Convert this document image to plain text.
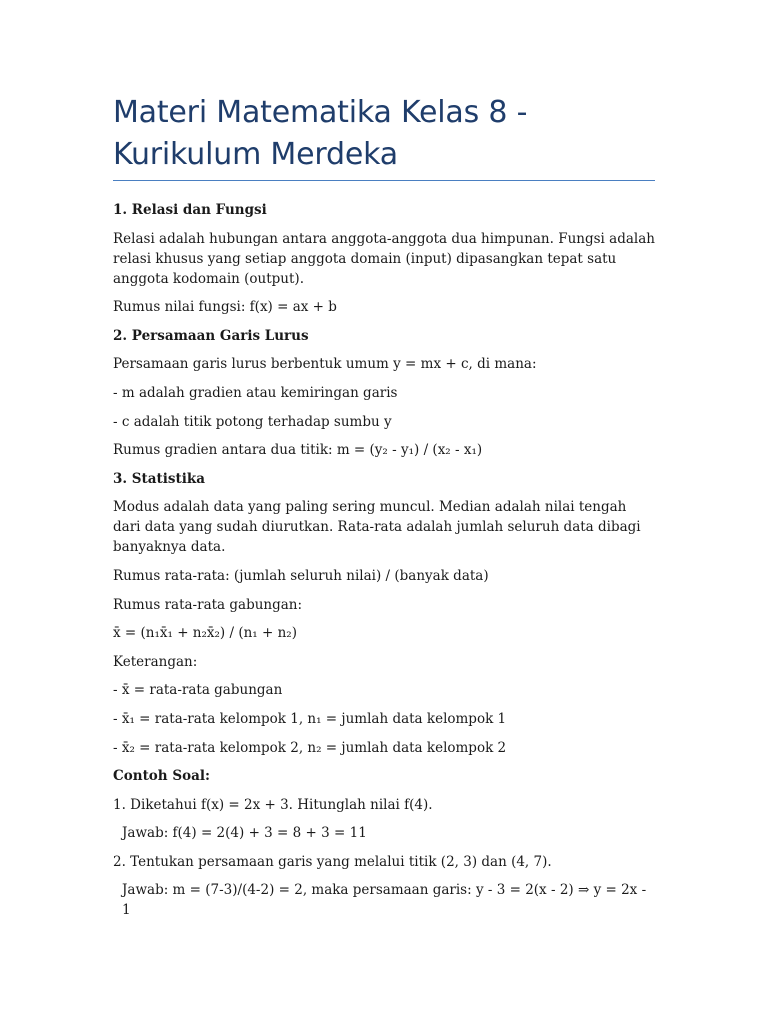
Materi Matematika Kelas 8 - Kurikulum Merdeka
1. Relasi dan Fungsi

Relasi adalah hubungan antara anggota-anggota dua himpunan. Fungsi adalah relasi khusus yang setiap anggota domain (input) dipasangkan tepat satu anggota kodomain (output).

Rumus nilai fungsi: f(x) = ax + b

2. Persamaan Garis Lurus

Persamaan garis lurus berbentuk umum y = mx + c, di mana:

- m adalah gradien atau kemiringan garis

- c adalah titik potong terhadap sumbu y

Rumus gradien antara dua titik: m = (y₂ - y₁) / (x₂ - x₁)

3. Statistika

Modus adalah data yang paling sering muncul. Median adalah nilai tengah dari data yang sudah diurutkan. Rata-rata adalah jumlah seluruh data dibagi banyaknya data.

Rumus rata-rata: (jumlah seluruh nilai) / (banyak data)

Rumus rata-rata gabungan:

x̄ = (n₁x̄₁ + n₂x̄₂) / (n₁ + n₂)

Keterangan:

- x̄ = rata-rata gabungan

- x̄₁ = rata-rata kelompok 1, n₁ = jumlah data kelompok 1

- x̄₂ = rata-rata kelompok 2, n₂ = jumlah data kelompok 2

Contoh Soal:

1. Diketahui f(x) = 2x + 3. Hitunglah nilai f(4).

Jawab: f(4) = 2(4) + 3 = 8 + 3 = 11

2. Tentukan persamaan garis yang melalui titik (2, 3) dan (4, 7).

Jawab: m = (7-3)/(4-2) = 2, maka persamaan garis: y - 3 = 2(x - 2) ⇒ y = 2x - 1
